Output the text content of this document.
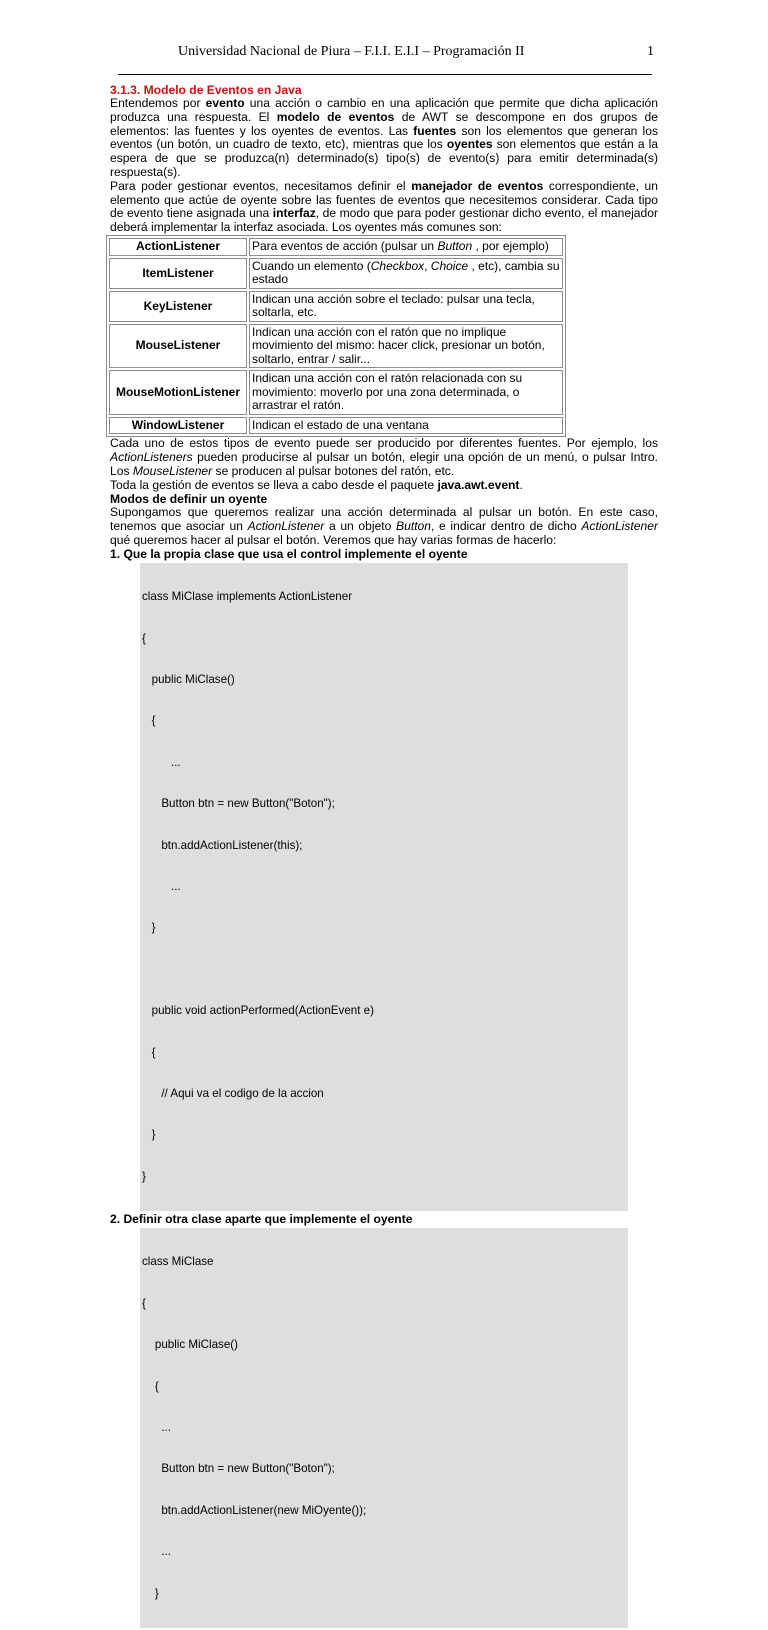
Universidad Nacional de Piura – F.I.I. E.I.I – Programación II	1
3.1.3. Modelo de Eventos en Java

Entendemos por evento una acción o cambio en una aplicación que permite que dicha aplicación produzca una respuesta. El modelo de eventos de AWT se descompone en dos grupos de elementos: las fuentes y los oyentes de eventos. Las fuentes son los elementos que generan los eventos (un botón, un cuadro de texto, etc), mientras que los oyentes son elementos que están a la espera de que se produzca(n) determinado(s) tipo(s) de evento(s) para emitir determinada(s) respuesta(s).

Para poder gestionar eventos, necesitamos definir el manejador de eventos correspondiente, un elemento que actúe de oyente sobre las fuentes de eventos que necesitemos considerar. Cada tipo de evento tiene asignada una interfaz, de modo que para poder gestionar dicho evento, el manejador deberá implementar la interfaz asociada. Los oyentes más comunes son:

ActionListener	Para eventos de acción (pulsar un Button , por ejemplo)
ItemListener	Cuando un elemento (Checkbox, Choice , etc), cambia su estado
KeyListener	Indican una acción sobre el teclado: pulsar una tecla, soltarla, etc.
MouseListener	Indican una acción con el ratón que no implique movimiento del mismo: hacer click, presionar un botón, soltarlo, entrar / salir...
MouseMotionListener	Indican una acción con el ratón relacionada con su movimiento: moverlo por una zona determinada, o arrastrar el ratón.
WindowListener	Indican el estado de una ventana

Cada uno de estos tipos de evento puede ser producido por diferentes fuentes. Por ejemplo, los ActionListeners pueden producirse al pulsar un botón, elegir una opción de un menú, o pulsar Intro. Los MouseListener se producen al pulsar botones del ratón, etc.

Toda la gestión de eventos se lleva a cabo desde el paquete java.awt.event.

Modos de definir un oyente

Supongamos que queremos realizar una acción determinada al pulsar un botón. En este caso, tenemos que asociar un ActionListener a un objeto Button, e indicar dentro de dicho ActionListener qué queremos hacer al pulsar el botón. Veremos que hay varias formas de hacerlo:

1. Que la propia clase que usa el control implemente el oyente

class MiClase implements ActionListener

{

public MiClase()

{

...

Button btn = new Button("Boton");

btn.addActionListener(this);

...

}

public void actionPerformed(ActionEvent e)

{

// Aqui va el codigo de la accion

}

}

2. Definir otra clase aparte que implemente el oyente

class MiClase

{

public MiClase()

{

...

Button btn = new Button("Boton");

btn.addActionListener(new MiOyente());

...

}
